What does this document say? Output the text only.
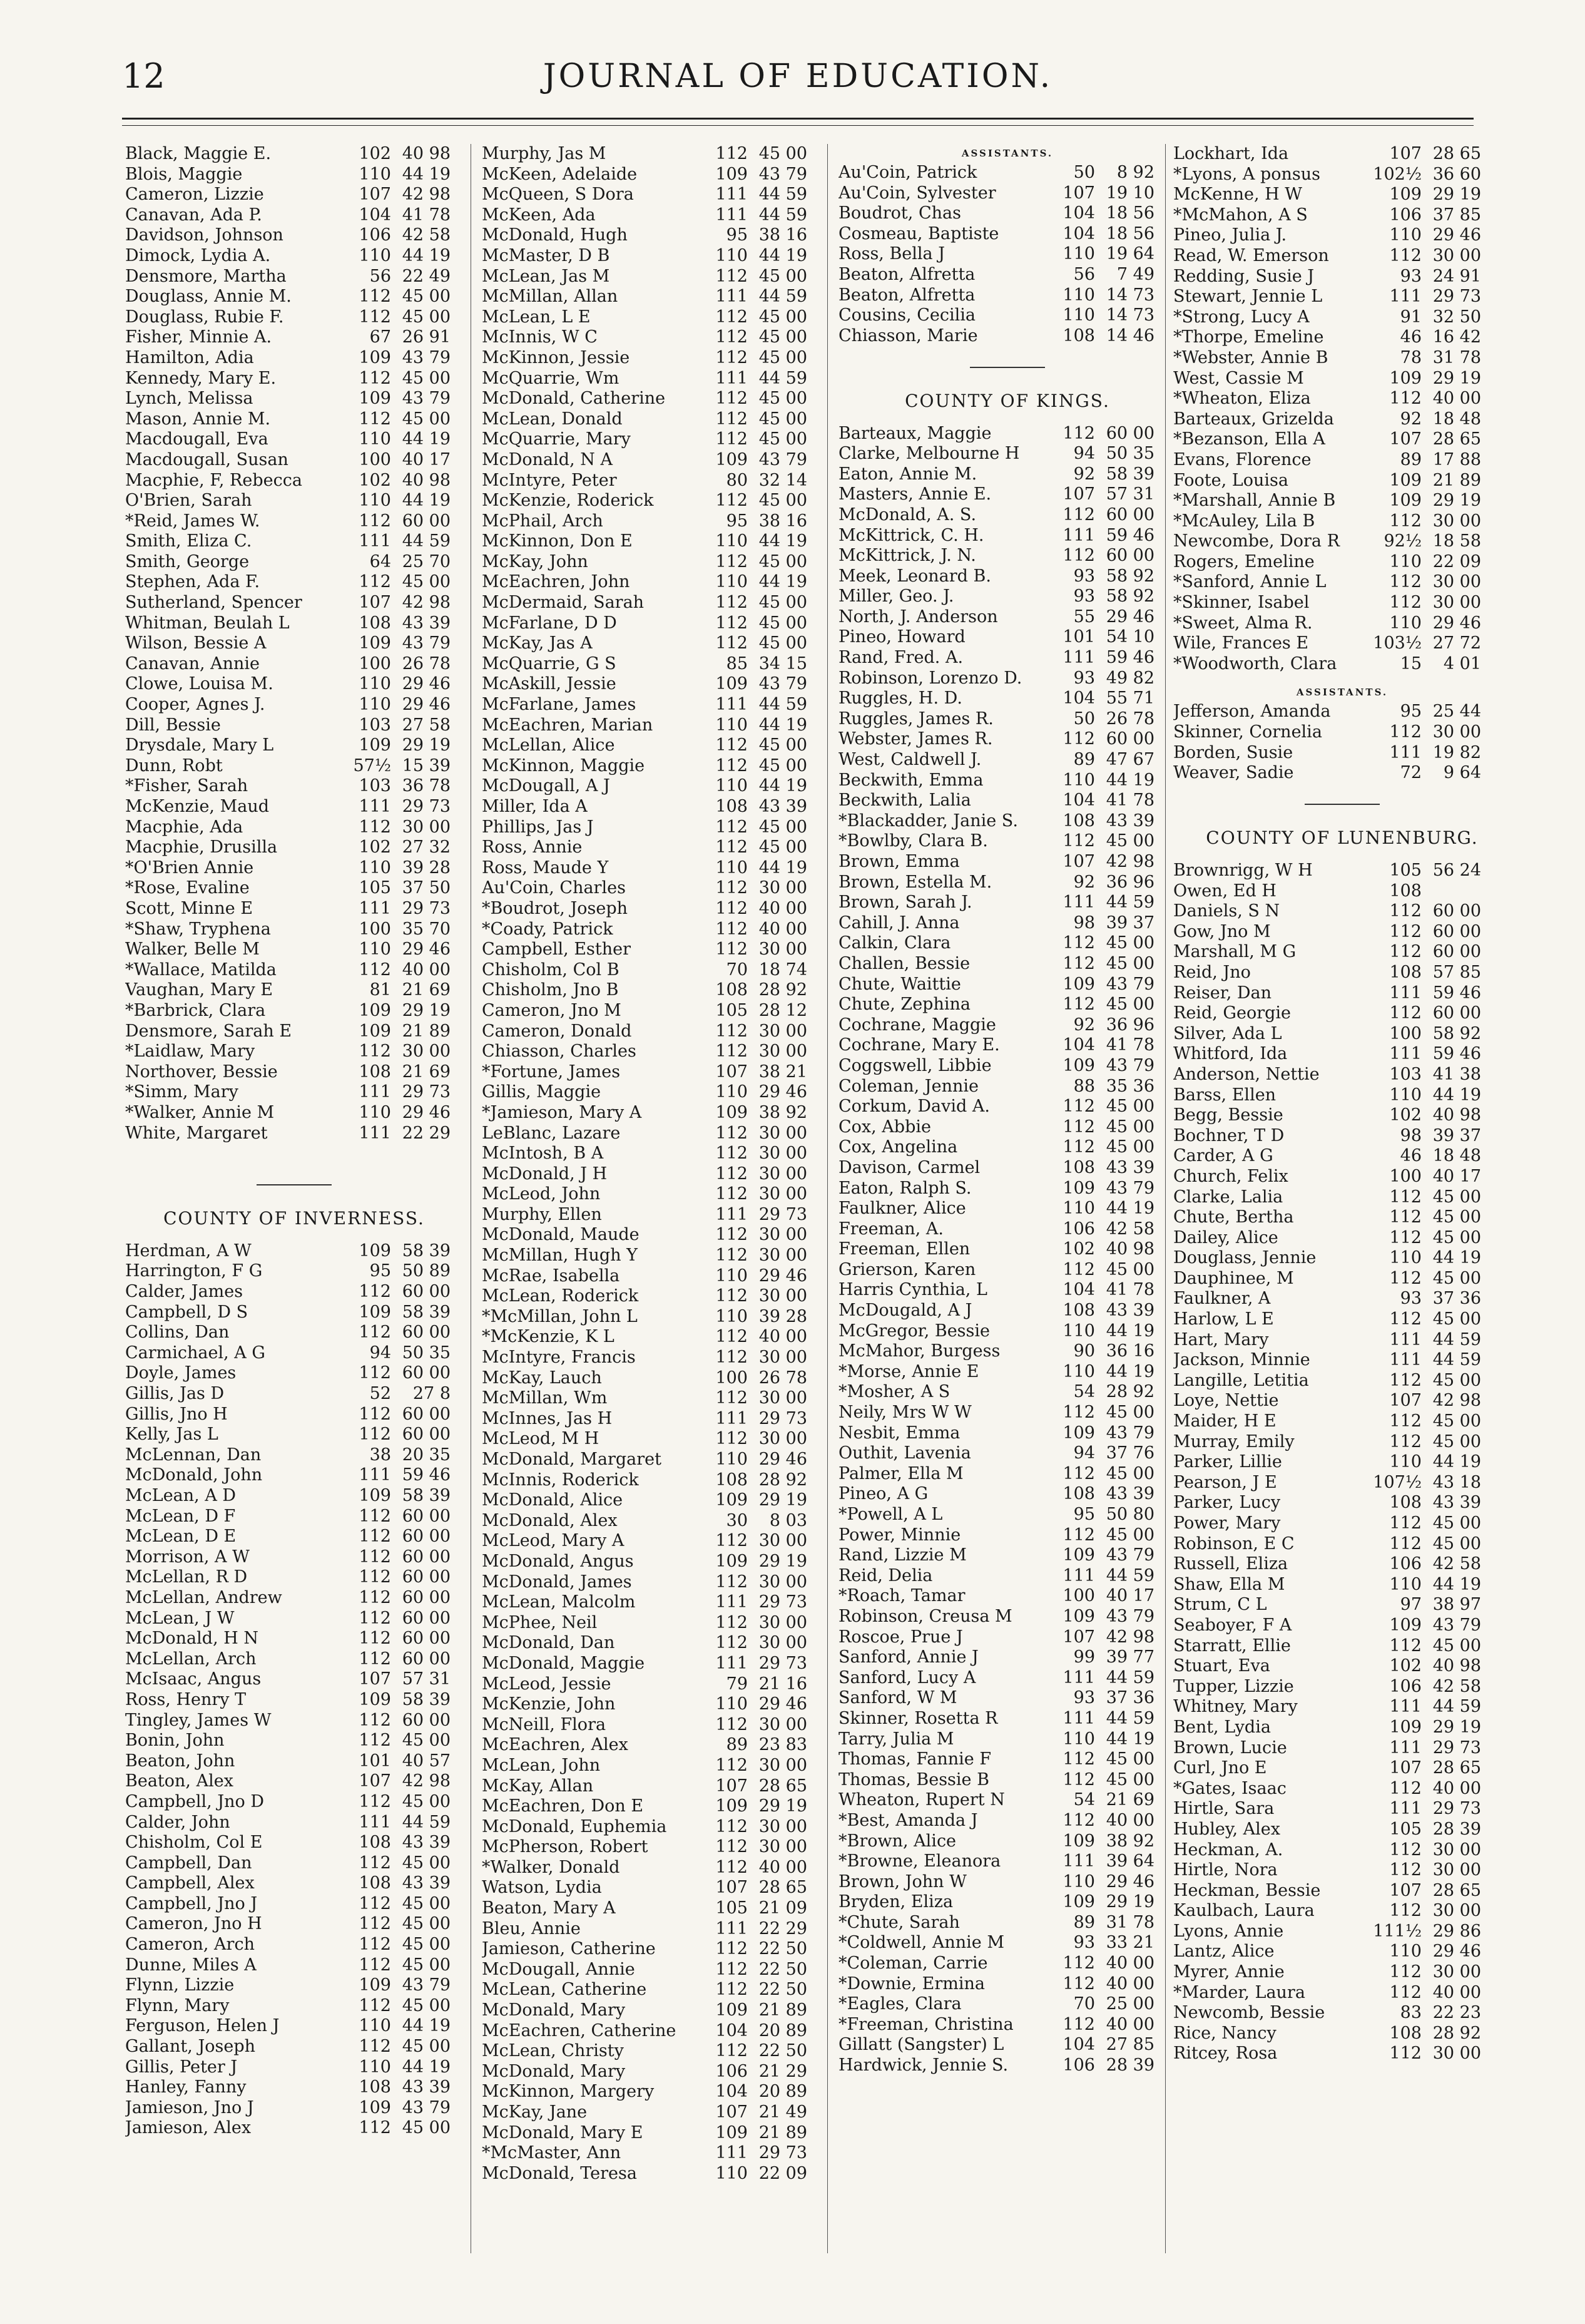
12	JOURNAL OF EDUCATION.
Black, Maggie E.	102 40 98
Blois, Maggie	110 44 19
Cameron, Lizzie	107 42 98
Canavan, Ada P.	104 41 78
Davidson, Johnson	106 42 58
Dimock, Lydia A.	110 44 19
Densmore, Martha	56 22 49
Douglass, Annie M.	112 45 00
Douglass, Rubie F.	112 45 00
Fisher, Minnie A.	67 26 91
Hamilton, Adia	109 43 79
Kennedy, Mary E.	112 45 00
Lynch, Melissa	109 43 79
Mason, Annie M.	112 45 00
Macdougall, Eva	110 44 19
Macdougall, Susan	100 40 17
Macphie, F, Rebecca	102 40 98
O'Brien, Sarah	110 44 19
*Reid, James W.	112 60 00
Smith, Eliza C.	111 44 59
Smith, George	64 25 70
Stephen, Ada F.	112 45 00
Sutherland, Spencer	107 42 98
Whitman, Beulah L	108 43 39
Wilson, Bessie A	109 43 79
Canavan, Annie	100 26 78
Clowe, Louisa M.	110 29 46
Cooper, Agnes J.	110 29 46
Dill, Bessie	103 27 58
Drysdale, Mary L	109 29 19
Dunn, Robt	57½ 15 39
*Fisher, Sarah	103 36 78
McKenzie, Maud	111 29 73
Macphie, Ada	112 30 00
Macphie, Drusilla	102 27 32
*O'Brien Annie	110 39 28
*Rose, Evaline	105 37 50
Scott, Minne E	111 29 73
*Shaw, Tryphena	100 35 70
Walker, Belle M	110 29 46
*Wallace, Matilda	112 40 00
Vaughan, Mary E	81 21 69
*Barbrick, Clara	109 29 19
Densmore, Sarah E	109 21 89
*Laidlaw, Mary	112 30 00
Northover, Bessie	108 21 69
*Simm, Mary	111 29 73
*Walker, Annie M	110 29 46
White, Margaret	111 22 29
COUNTY OF INVERNESS.
Herdman, A W	109 58 39
Harrington, F G	95 50 89
Calder, James	112 60 00
Campbell, D S	109 58 39
Collins, Dan	112 60 00
Carmichael, A G	94 50 35
Doyle, James	112 60 00
Gillis, Jas D	52	27 8
Gillis, Jno H	112 60 00
Kelly, Jas L	112 60 00
McLennan, Dan	38 20 35
McDonald, John	111 59 46
McLean, A D	109 58 39
McLean, D F	112 60 00
McLean, D E	112 60 00
Morrison, A W	112 60 00
McLellan, R D	112 60 00
McLellan, Andrew	112 60 00
McLean, J W	112 60 00
McDonald, H N	112 60 00
McLellan, Arch	112 60 00
McIsaac, Angus	107 57 31
Ross, Henry T	109 58 39
Tingley, James W	112 60 00
Bonin, John	112 45 00
Beaton, John	101 40 57
Beaton, Alex	107 42 98
Campbell, Jno D	112 45 00
Calder, John	111 44 59
Chisholm, Col E	108 43 39
Campbell, Dan	112 45 00
Campbell, Alex	108 43 39
Campbell, Jno J	112 45 00
Cameron, Jno H	112 45 00
Cameron, Arch	112 45 00
Dunne, Miles A	112 45 00
Flynn, Lizzie	109 43 79
Flynn, Mary	112 45 00
Ferguson, Helen J	110 44 19
Gallant, Joseph	112 45 00
Gillis, Peter J	110 44 19
Hanley, Fanny	108 43 39
Jamieson, Jno J	109 43 79
Jamieson, Alex	112 45 00
Murphy, Jas M	112 45 00
McKeen, Adelaide	109 43 79
McQueen, S Dora	111 44 59
McKeen, Ada	111 44 59
McDonald, Hugh	95 38 16
McMaster, D B	110 44 19
McLean, Jas M	112 45 00
McMillan, Allan	111 44 59
McLean, L E	112 45 00
McInnis, W C	112 45 00
McKinnon, Jessie	112 45 00
McQuarrie, Wm	111 44 59
McDonald, Catherine	112 45 00
McLean, Donald	112 45 00
McQuarrie, Mary	112 45 00
McDonald, N A	109 43 79
McIntyre, Peter	80 32 14
McKenzie, Roderick	112 45 00
McPhail, Arch	95 38 16
McKinnon, Don E	110 44 19
McKay, John	112 45 00
McEachren, John	110 44 19
McDermaid, Sarah	112 45 00
McFarlane, D D	112 45 00
McKay, Jas A	112 45 00
McQuarrie, G S	85 34 15
McAskill, Jessie	109 43 79
McFarlane, James	111 44 59
McEachren, Marian	110 44 19
McLellan, Alice	112 45 00
McKinnon, Maggie	112 45 00
McDougall, A J	110 44 19
Miller, Ida A	108 43 39
Phillips, Jas J	112 45 00
Ross, Annie	112 45 00
Ross, Maude Y	110 44 19
Au'Coin, Charles	112 30 00
*Boudrot, Joseph	112 40 00
*Coady, Patrick	112 40 00
Campbell, Esther	112 30 00
Chisholm, Col B	70 18 74
Chisholm, Jno B	108 28 92
Cameron, Jno M	105 28 12
Cameron, Donald	112 30 00
Chiasson, Charles	112 30 00
*Fortune, James	107 38 21
Gillis, Maggie	110 29 46
*Jamieson, Mary A	109 38 92
LeBlanc, Lazare	112 30 00
McIntosh, B A	112 30 00
McDonald, J H	112 30 00
McLeod, John	112 30 00
Murphy, Ellen	111 29 73
McDonald, Maude	112 30 00
McMillan, Hugh Y	112 30 00
McRae, Isabella	110 29 46
McLean, Roderick	112 30 00
*McMillan, John L	110 39 28
*McKenzie, K L	112 40 00
McIntyre, Francis	112 30 00
McKay, Lauch	100 26 78
McMillan, Wm	112 30 00
McInnes, Jas H	111 29 73
McLeod, M H	112 30 00
McDonald, Margaret	110 29 46
McInnis, Roderick	108 28 92
McDonald, Alice	109 29 19
McDonald, Alex	30	8 03
McLeod, Mary A	112 30 00
McDonald, Angus	109 29 19
McDonald, James	112 30 00
McLean, Malcolm	111 29 73
McPhee, Neil	112 30 00
McDonald, Dan	112 30 00
McDonald, Maggie	111 29 73
McLeod, Jessie	79 21 16
McKenzie, John	110 29 46
McNeill, Flora	112 30 00
McEachren, Alex	89 23 83
McLean, John	112 30 00
McKay, Allan	107 28 65
McEachren, Don E	109 29 19
McDonald, Euphemia	112 30 00
McPherson, Robert	112 30 00
*Walker, Donald	112 40 00
Watson, Lydia	107 28 65
Beaton, Mary A	105 21 09
Bleu, Annie	111 22 29
Jamieson, Catherine	112 22 50
McDougall, Annie	112 22 50
McLean, Catherine	112 22 50
McDonald, Mary	109 21 89
McEachren, Catherine	104 20 89
McLean, Christy	112 22 50
McDonald, Mary	106 21 29
McKinnon, Margery	104 20 89
McKay, Jane	107 21 49
McDonald, Mary E	109 21 89
*McMaster, Ann	111 29 73
McDonald, Teresa	110 22 09
ASSISTANTS.
Au'Coin, Patrick	50	8 92
Au'Coin, Sylvester	107 19 10
Boudrot, Chas	104 18 56
Cosmeau, Baptiste	104 18 56
Ross, Bella J	110 19 64
Beaton, Alfretta	56	7 49
Beaton, Alfretta	110 14 73
Cousins, Cecilia	110 14 73
Chiasson, Marie	108 14 46
COUNTY OF KINGS.
Barteaux, Maggie	112 60 00
Clarke, Melbourne H	94 50 35
Eaton, Annie M.	92 58 39
Masters, Annie E.	107 57 31
McDonald, A. S.	112 60 00
McKittrick, C. H.	111 59 46
McKittrick, J. N.	112 60 00
Meek, Leonard B.	93 58 92
Miller, Geo. J.	93 58 92
North, J. Anderson	55 29 46
Pineo, Howard	101 54 10
Rand, Fred. A.	111 59 46
Robinson, Lorenzo D.	93 49 82
Ruggles, H. D.	104 55 71
Ruggles, James R.	50 26 78
Webster, James R.	112 60 00
West, Caldwell J.	89 47 67
Beckwith, Emma	110 44 19
Beckwith, Lalia	104 41 78
*Blackadder, Janie S.	108 43 39
*Bowlby, Clara B.	112 45 00
Brown, Emma	107 42 98
Brown, Estella M.	92 36 96
Brown, Sarah J.	111 44 59
Cahill, J. Anna	98 39 37
Calkin, Clara	112 45 00
Challen, Bessie	112 45 00
Chute, Waittie	109 43 79
Chute, Zephina	112 45 00
Cochrane, Maggie	92 36 96
Cochrane, Mary E.	104 41 78
Coggswell, Libbie	109 43 79
Coleman, Jennie	88 35 36
Corkum, David A.	112 45 00
Cox, Abbie	112 45 00
Cox, Angelina	112 45 00
Davison, Carmel	108 43 39
Eaton, Ralph S.	109 43 79
Faulkner, Alice	110 44 19
Freeman, A.	106 42 58
Freeman, Ellen	102 40 98
Grierson, Karen	112 45 00
Harris Cynthia, L	104 41 78
McDougald, A J	108 43 39
McGregor, Bessie	110 44 19
McMahor, Burgess	90 36 16
*Morse, Annie E	110 44 19
*Mosher, A S	54 28 92
Neily, Mrs W W	112 45 00
Nesbit, Emma	109 43 79
Outhit, Lavenia	94 37 76
Palmer, Ella M	112 45 00
Pineo, A G	108 43 39
*Powell, A L	95 50 80
Power, Minnie	112 45 00
Rand, Lizzie M	109 43 79
Reid, Delia	111 44 59
*Roach, Tamar	100 40 17
Robinson, Creusa M	109 43 79
Roscoe, Prue J	107 42 98
Sanford, Annie J	99 39 77
Sanford, Lucy A	111 44 59
Sanford, W M	93 37 36
Skinner, Rosetta R	111 44 59
Tarry, Julia M	110 44 19
Thomas, Fannie F	112 45 00
Thomas, Bessie B	112 45 00
Wheaton, Rupert N	54 21 69
*Best, Amanda J	112 40 00
*Brown, Alice	109 38 92
*Browne, Eleanora	111 39 64
Brown, John W	110 29 46
Bryden, Eliza	109 29 19
*Chute, Sarah	89 31 78
*Coldwell, Annie M	93 33 21
*Coleman, Carrie	112 40 00
*Downie, Ermina	112 40 00
*Eagles, Clara	70 25 00
*Freeman, Christina	112 40 00
Gillatt (Sangster) L	104 27 85
Hardwick, Jennie S.	106 28 39
Lockhart, Ida	107 28 65
*Lyons, A ponsus	102½ 36 60
McKenne, H W	109 29 19
*McMahon, A S	106 37 85
Pineo, Julia J.	110 29 46
Read, W. Emerson	112 30 00
Redding, Susie J	93 24 91
Stewart, Jennie L	111 29 73
*Strong, Lucy A	91 32 50
*Thorpe, Emeline	46 16 42
*Webster, Annie B	78 31 78
West, Cassie M	109 29 19
*Wheaton, Eliza	112 40 00
Barteaux, Grizelda	92 18 48
*Bezanson, Ella A	107 28 65
Evans, Florence	89 17 88
Foote, Louisa	109 21 89
*Marshall, Annie B	109 29 19
*McAuley, Lila B	112 30 00
Newcombe, Dora R	92½ 18 58
Rogers, Emeline	110 22 09
*Sanford, Annie L	112 30 00
*Skinner, Isabel	112 30 00
*Sweet, Alma R.	110 29 46
Wile, Frances E	103½ 27 72
*Woodworth, Clara	15	4 01
ASSISTANTS.
Jefferson, Amanda	95 25 44
Skinner, Cornelia	112 30 00
Borden, Susie	111 19 82
Weaver, Sadie	72	9 64
COUNTY OF LUNENBURG.
Brownrigg, W H	105 56 24
Owen, Ed H	108
Daniels, S N	112 60 00
Gow, Jno M	112 60 00
Marshall, M G	112 60 00
Reid, Jno	108 57 85
Reiser, Dan	111 59 46
Reid, Georgie	112 60 00
Silver, Ada L	100 58 92
Whitford, Ida	111 59 46
Anderson, Nettie	103 41 38
Barss, Ellen	110 44 19
Begg, Bessie	102 40 98
Bochner, T D	98 39 37
Carder, A G	46 18 48
Church, Felix	100 40 17
Clarke, Lalia	112 45 00
Chute, Bertha	112 45 00
Dailey, Alice	112 45 00
Douglass, Jennie	110 44 19
Dauphinee, M	112 45 00
Faulkner, A	93 37 36
Harlow, L E	112 45 00
Hart, Mary	111 44 59
Jackson, Minnie	111 44 59
Langille, Letitia	112 45 00
Loye, Nettie	107 42 98
Maider, H E	112 45 00
Murray, Emily	112 45 00
Parker, Lillie	110 44 19
Pearson, J E	107½ 43 18
Parker, Lucy	108 43 39
Power, Mary	112 45 00
Robinson, E C	112 45 00
Russell, Eliza	106 42 58
Shaw, Ella M	110 44 19
Strum, C L	97 38 97
Seaboyer, F A	109 43 79
Starratt, Ellie	112 45 00
Stuart, Eva	102 40 98
Tupper, Lizzie	106 42 58
Whitney, Mary	111 44 59
Bent, Lydia	109 29 19
Brown, Lucie	111 29 73
Curl, Jno E	107 28 65
*Gates, Isaac	112 40 00
Hirtle, Sara	111 29 73
Hubley, Alex	105 28 39
Heckman, A.	112 30 00
Hirtle, Nora	112 30 00
Heckman, Bessie	107 28 65
Kaulbach, Laura	112 30 00
Lyons, Annie	111½ 29 86
Lantz, Alice	110 29 46
Myrer, Annie	112 30 00
*Marder, Laura	112 40 00
Newcomb, Bessie	83 22 23
Rice, Nancy	108 28 92
Ritcey, Rosa	112 30 00
